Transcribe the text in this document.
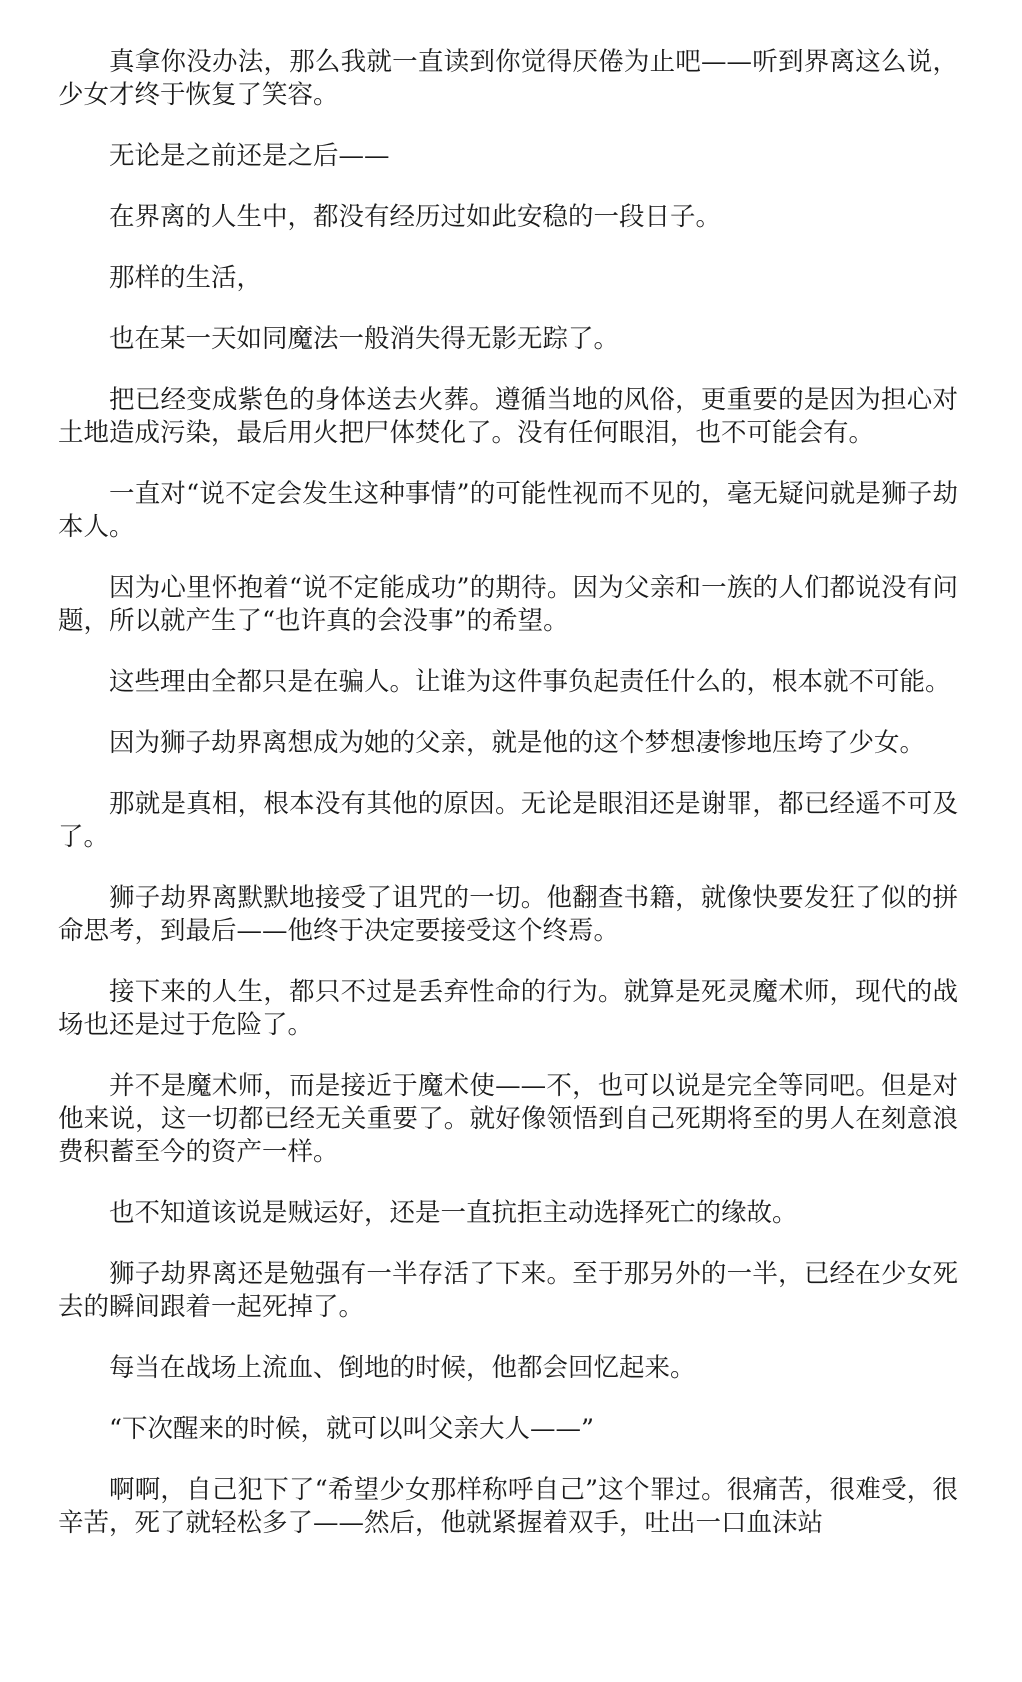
真拿你没办法，那么我就一直读到你觉得厌倦为止吧——听到界离这么说，少女才终于恢复了笑容。

无论是之前还是之后——

在界离的人生中，都没有经历过如此安稳的一段日子。

那样的生活，

也在某一天如同魔法一般消失得无影无踪了。

把已经变成紫色的身体送去火葬。遵循当地的风俗，更重要的是因为担心对土地造成污染，最后用火把尸体焚化了。没有任何眼泪，也不可能会有。

一直对“说不定会发生这种事情”的可能性视而不见的，毫无疑问就是狮子劫本人。

因为心里怀抱着“说不定能成功”的期待。因为父亲和一族的人们都说没有问题，所以就产生了“也许真的会没事”的希望。

这些理由全都只是在骗人。让谁为这件事负起责任什么的，根本就不可能。

因为狮子劫界离想成为她的父亲，就是他的这个梦想凄惨地压垮了少女。

那就是真相，根本没有其他的原因。无论是眼泪还是谢罪，都已经遥不可及了。

狮子劫界离默默地接受了诅咒的一切。他翻查书籍，就像快要发狂了似的拼命思考，到最后——他终于决定要接受这个终焉。

接下来的人生，都只不过是丢弃性命的行为。就算是死灵魔术师，现代的战场也还是过于危险了。

并不是魔术师，而是接近于魔术使——不，也可以说是完全等同吧。但是对他来说，这一切都已经无关重要了。就好像领悟到自己死期将至的男人在刻意浪费积蓄至今的资产一样。

也不知道该说是贼运好，还是一直抗拒主动选择死亡的缘故。

狮子劫界离还是勉强有一半存活了下来。至于那另外的一半，已经在少女死去的瞬间跟着一起死掉了。

每当在战场上流血、倒地的时候，他都会回忆起来。

“下次醒来的时候，就可以叫父亲大人——”

啊啊，自己犯下了“希望少女那样称呼自己”这个罪过。很痛苦，很难受，很辛苦，死了就轻松多了——然后，他就紧握着双手，吐出一口血沫站
